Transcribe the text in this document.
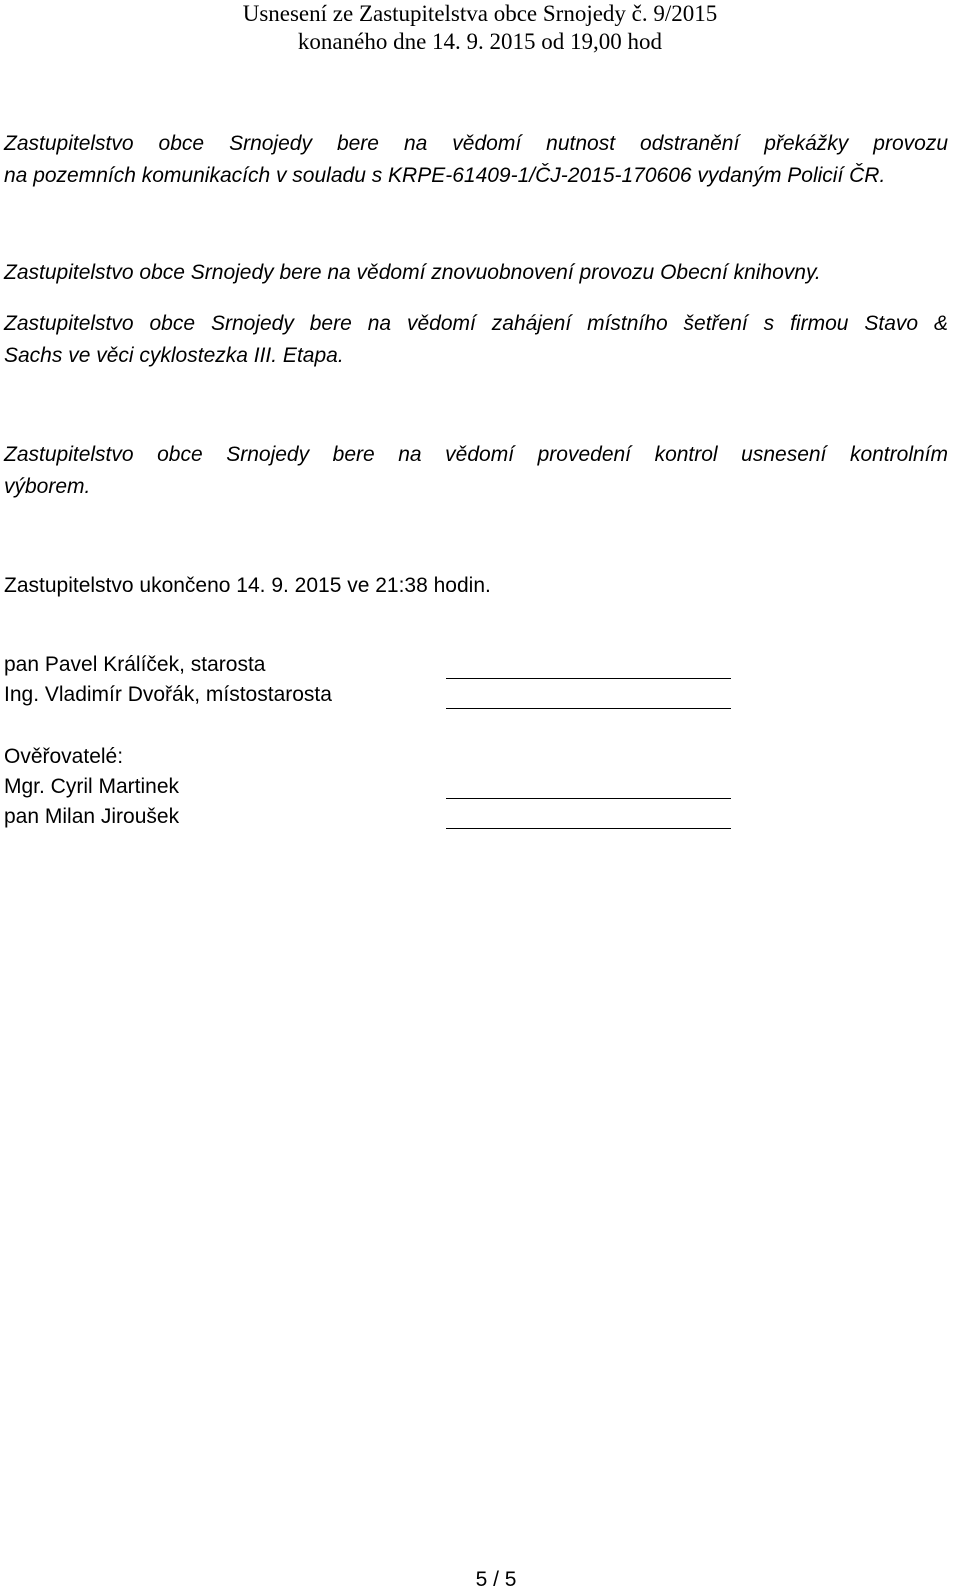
Usnesení ze Zastupitelstva obce Srnojedy č. 9/2015
konaného dne 14. 9. 2015 od 19,00 hod
Zastupitelstvo obce Srnojedy bere na vědomí nutnost odstranění překážky provozu
na pozemních komunikacích v souladu s KRPE-61409-1/ČJ-2015-170606 vydaným Policií ČR.
Zastupitelstvo obce Srnojedy bere na vědomí znovuobnovení provozu Obecní knihovny.
Zastupitelstvo obce Srnojedy bere na vědomí zahájení místního šetření s firmou Stavo &
Sachs ve věci cyklostezka III. Etapa.
Zastupitelstvo obce Srnojedy bere na vědomí provedení kontrol usnesení kontrolním
výborem.

Zastupitelstvo ukončeno 14. 9. 2015 ve 21:38 hodin.

pan Pavel Králíček, starosta

Ing. Vladimír Dvořák, místostarosta

Ověřovatelé:

Mgr. Cyril Martinek

pan Milan Jiroušek

5 / 5
